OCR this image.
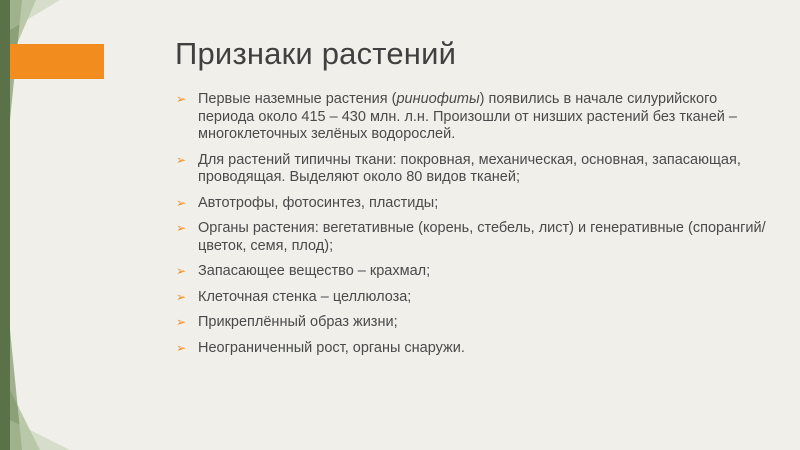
Признаки растений
➢ Первые наземные растения (риниофиты) появились в начале силурийского периода около 415 – 430 млн. л.н. Произошли от низших растений без тканей – многоклеточных зелёных водорослей.
➢ Для растений типичны ткани: покровная, механическая, основная, запасающая, проводящая. Выделяют около 80 видов тканей;
➢ Автотрофы, фотосинтез, пластиды;
➢ Органы растения: вегетативные (корень, стебель, лист) и генеративные (спорангий/цветок, семя, плод);
➢ Запасающее вещество – крахмал;
➢ Клеточная стенка – целлюлоза;
➢ Прикреплённый образ жизни;
➢ Неограниченный рост, органы снаружи.
